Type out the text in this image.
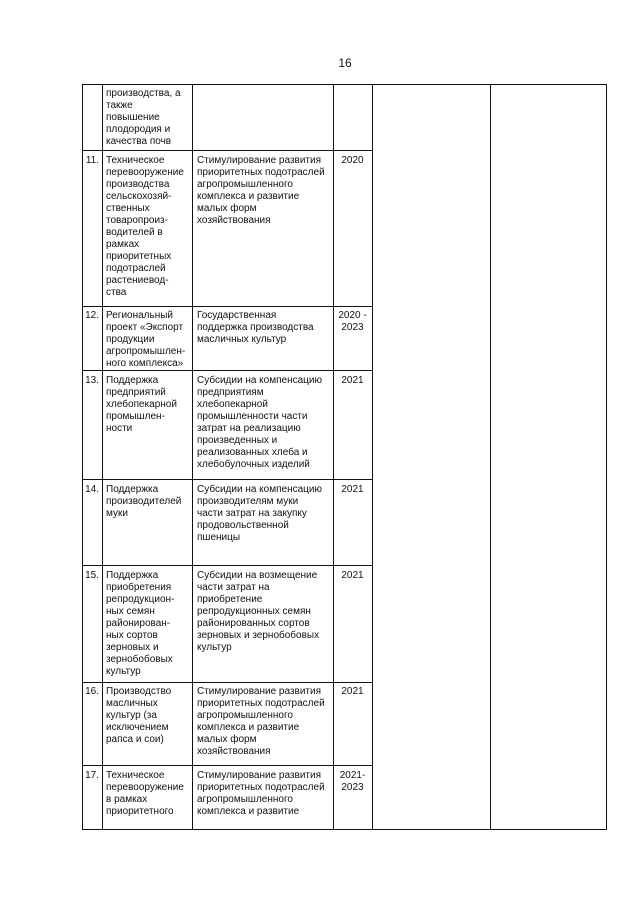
16
производства, а
также
повышение
плодородия и
качества почв
11. Техническое
перевооружение
производства
сельскохозяй-
ственных
товаропроиз-
водителей в
рамках
приоритетных
подотраслей
растениевод-
ства
Стимулирование развития
приоритетных подотраслей
агропромышленного
комплекса и развитие
малых форм
хозяйствования
2020
12. Региональный
проект «Экспорт
продукции
агропромышлен-
ного комплекса»
Государственная
поддержка производства
масличных культур
2020 -
2023
13. Поддержка
предприятий
хлебопекарной
промышлен-
ности
Субсидии на компенсацию
предприятиям
хлебопекарной
промышленности части
затрат на реализацию
произведенных и
реализованных хлеба и
хлебобулочных изделий
2021
14. Поддержка
производителей
муки
Субсидии на компенсацию
производителям муки
части затрат на закупку
продовольственной
пшеницы
2021
15. Поддержка
приобретения
репродукцион-
ных семян
районирован-
ных сортов
зерновых и
зернобобовых
культур
Субсидии на возмещение
части затрат на
приобретение
репродукционных семян
районированных сортов
зерновых и зернобобовых
культур
2021
16. Производство
масличных
культур (за
исключением
рапса и сои)
Стимулирование развития
приоритетных подотраслей
агропромышленного
комплекса и развитие
малых форм
хозяйствования
2021
17. Техническое
перевооружение
в рамках
приоритетного
Стимулирование развития
приоритетных подотраслей
агропромышленного
комплекса и развитие
2021-
2023
